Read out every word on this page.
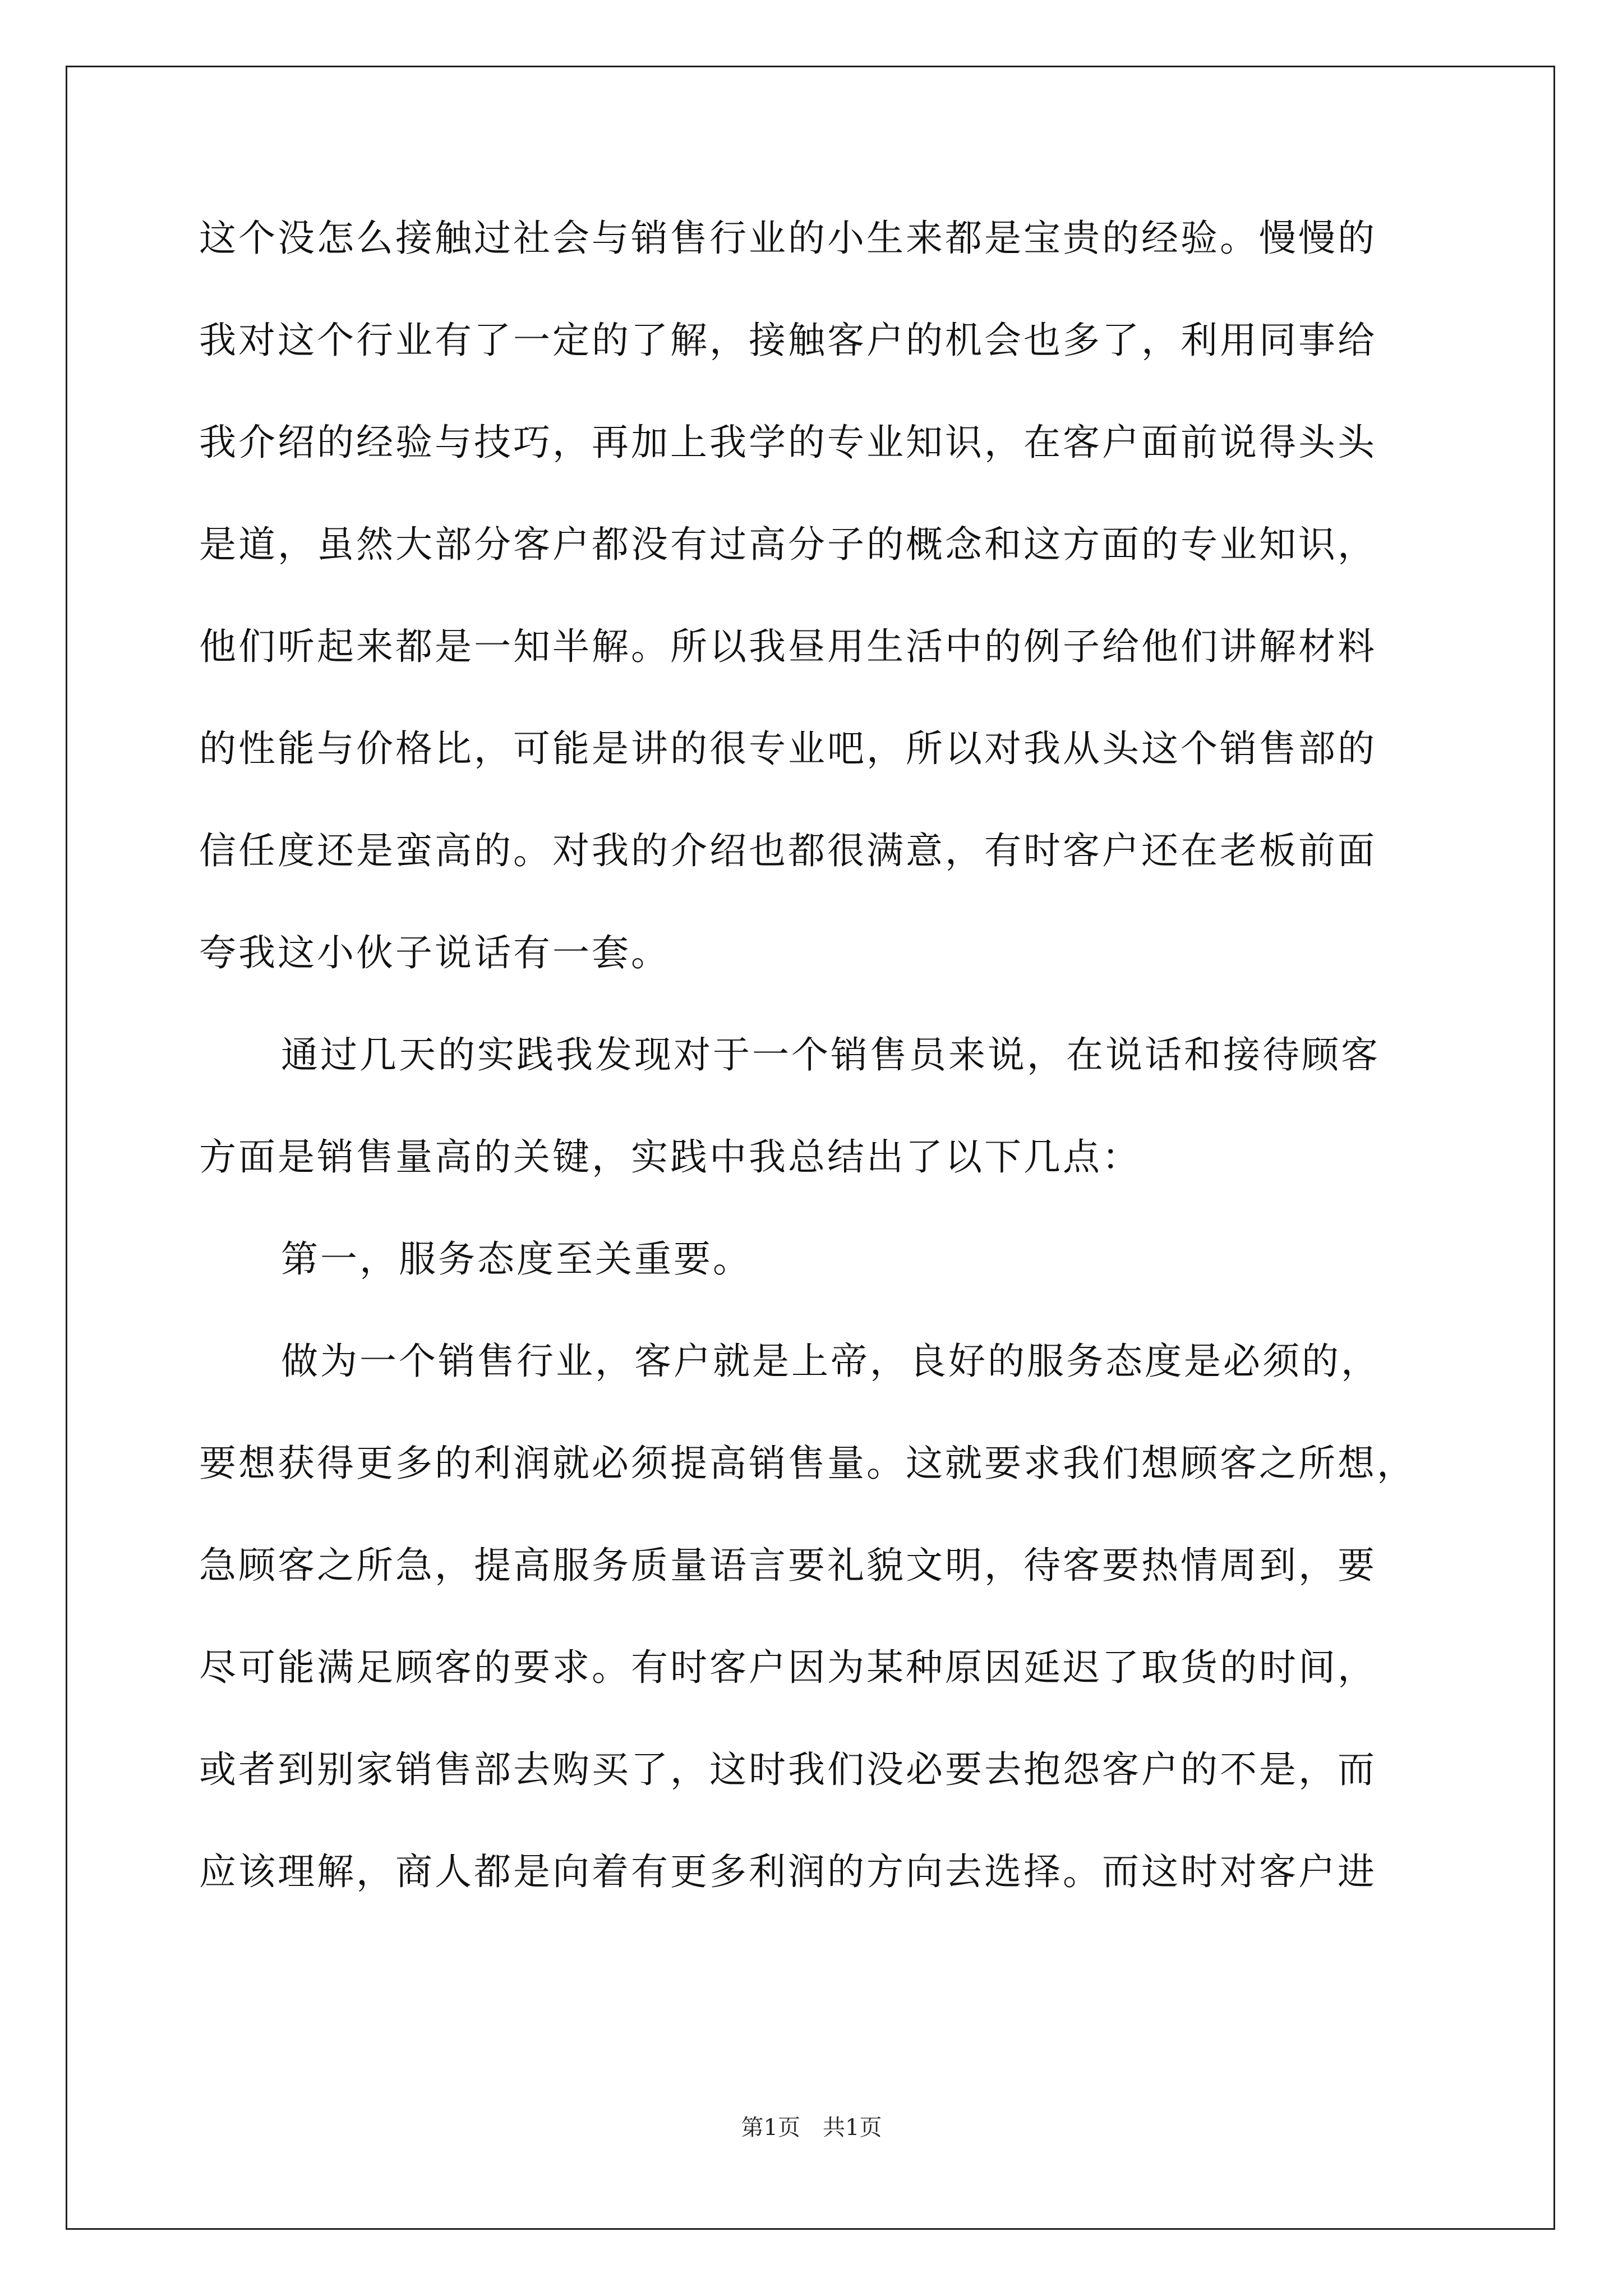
这个没怎么接触过社会与销售行业的小生来都是宝贵的经验。慢慢的
我对这个行业有了一定的了解，接触客户的机会也多了，利用同事给
我介绍的经验与技巧，再加上我学的专业知识，在客户面前说得头头
是道，虽然大部分客户都没有过高分子的概念和这方面的专业知识，
他们听起来都是一知半解。所以我昼用生活中的例子给他们讲解材料
的性能与价格比，可能是讲的很专业吧，所以对我从头这个销售部的
信任度还是蛮高的。对我的介绍也都很满意，有时客户还在老板前面
夸我这小伙子说话有一套。
通过几天的实践我发现对于一个销售员来说，在说话和接待顾客
方面是销售量高的关键，实践中我总结出了以下几点：
第一，服务态度至关重要。
做为一个销售行业，客户就是上帝，良好的服务态度是必须的，
要想获得更多的利润就必须提高销售量。这就要求我们想顾客之所想，
急顾客之所急，提高服务质量语言要礼貌文明，待客要热情周到，要
尽可能满足顾客的要求。有时客户因为某种原因延迟了取货的时间，
或者到别家销售部去购买了，这时我们没必要去抱怨客户的不是，而
应该理解，商人都是向着有更多利润的方向去选择。而这时对客户进
第1页　共1页
